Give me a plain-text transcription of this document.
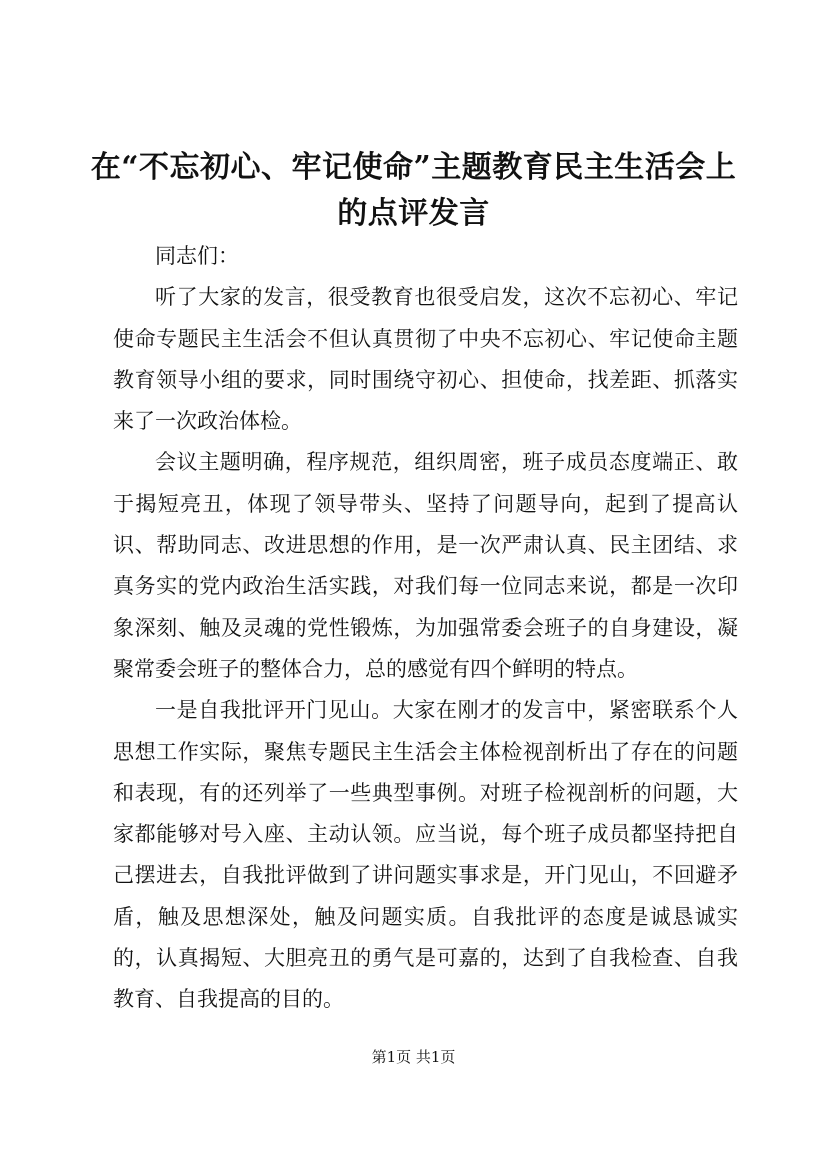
在“不忘初心、牢记使命”主题教育民主生活会上的点评发言

同志们：

听了大家的发言，很受教育也很受启发，这次不忘初心、牢记使命专题民主生活会不但认真贯彻了中央不忘初心、牢记使命主题教育领导小组的要求，同时围绕守初心、担使命，找差距、抓落实来了一次政治体检。

会议主题明确，程序规范，组织周密，班子成员态度端正、敢于揭短亮丑，体现了领导带头、坚持了问题导向，起到了提高认识、帮助同志、改进思想的作用，是一次严肃认真、民主团结、求真务实的党内政治生活实践，对我们每一位同志来说，都是一次印象深刻、触及灵魂的党性锻炼，为加强常委会班子的自身建设，凝聚常委会班子的整体合力，总的感觉有四个鲜明的特点。

一是自我批评开门见山。大家在刚才的发言中，紧密联系个人思想工作实际，聚焦专题民主生活会主体检视剖析出了存在的问题和表现，有的还列举了一些典型事例。对班子检视剖析的问题，大家都能够对号入座、主动认领。应当说，每个班子成员都坚持把自己摆进去，自我批评做到了讲问题实事求是，开门见山，不回避矛盾，触及思想深处，触及问题实质。自我批评的态度是诚恳诚实的，认真揭短、大胆亮丑的勇气是可嘉的，达到了自我检查、自我教育、自我提高的目的。

第1页 共1页
